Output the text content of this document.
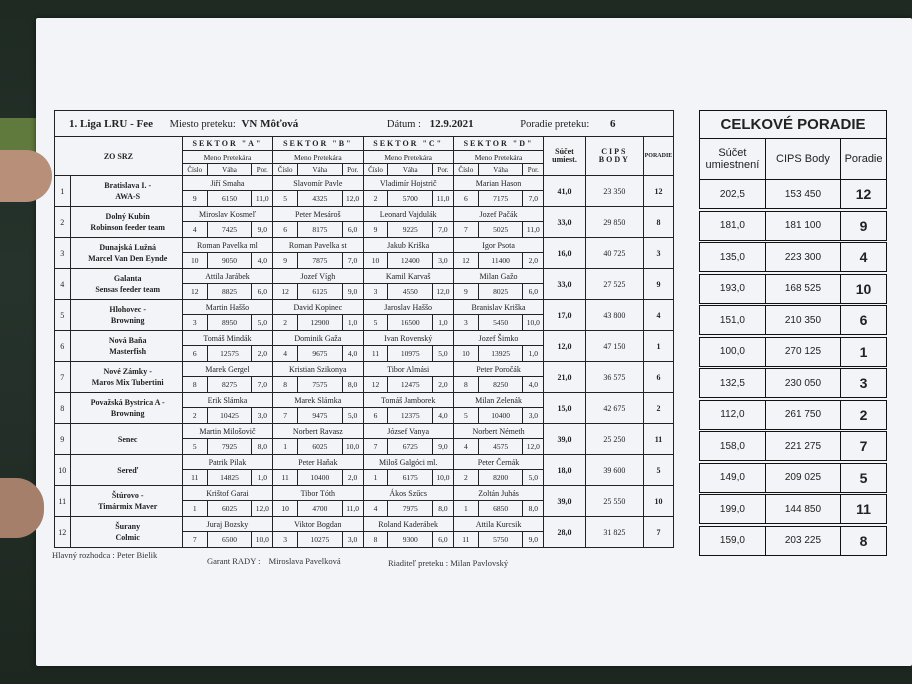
1. Liga LRU - Fee Miesto preteku: VN Môťová Dátum : 12.9.2021 Poradie preteku: 6																
ZO SRZ		SEKTOR "A"			SEKTOR "B"			SEKTOR "C"			SEKTOR "D"			Súčet umiest.	CIPS BODY	PORADIE
		Meno Pretekára			Meno Pretekára			Meno Pretekára			Meno Pretekára					
		Číslo	Váha	Por.	Číslo	Váha	Por.	Číslo	Váha	Por.	Číslo	Váha	Por.			
1	Bratislava I. -
AWA-S	Jiří Smaha			Slavomír Pavle			Vladimír Hojstrič			Marian Hason			41,0	23 350	12
		9	6150	11,0	5	4325	12,0	2	5700	11,0	6	7175	7,0			
2	Dolný Kubín
Robinson feeder team	Miroslav Kosmeľ			Peter Mesároš			Leonard Vajdulák			Jozef Pačák			33,0	29 850	8
		4	7425	9,0	6	8175	6,0	9	9225	7,0	7	5025	11,0			
3	Dunajská Lužná
Marcel Van Den Eynde	Roman Pavelka ml			Roman Pavelka st			Jakub Kriška			Igor Psota			16,0	40 725	3
		10	9050	4,0	9	7875	7,0	10	12400	3,0	12	11400	2,0			
4	Galanta
Sensas feeder team	Attila Jarábek			Jozef Vígh			Kamil Karvaš			Milan Gažo			33,0	27 525	9
		12	8825	6,0	12	6125	9,0	3	4550	12,0	9	8025	6,0			
5	Hlohovec -
Browning	Martin Haššo			David Kopinec			Jaroslav Haššo			Branislav Kriška			17,0	43 800	4
		3	8950	5,0	2	12900	1,0	5	16500	1,0	3	5450	10,0			
6	Nová Baňa
Masterfish	Tomáš Mindák			Dominik Gaža			Ivan Rovenský			Jozef Šimko			12,0	47 150	1
		6	12575	2,0	4	9675	4,0	11	10975	5,0	10	13925	1,0			
7	Nové Zámky -
Maros Mix Tubertini	Marek Gergel			Kristian Szikonya			Tibor Almási			Peter Poročák			21,0	36 575	6
		8	8275	7,0	8	7575	8,0	12	12475	2,0	8	8250	4,0			
8	Považská Bystrica A -
Browning	Erik Slámka			Marek Slámka			Tomáš Jamborek			Milan Zelenák			15,0	42 675	2
		2	10425	3,0	7	9475	5,0	6	12375	4,0	5	10400	3,0			
9	Senec	Martin Milošovič			Norbert Ravasz			József Vanya			Norbert Németh			39,0	25 250	11
		5	7925	8,0	1	6025	10,0	7	6725	9,0	4	4575	12,0			
10	Sereď	Patrik Pilak			Peter Haňak			Miloš Galgóci ml.			Peter Černák			18,0	39 600	5
		11	14825	1,0	11	10400	2,0	1	6175	10,0	2	8200	5,0			
11	Štúrovo -
Timármix Maver	Krištof Garai			Tibor Tóth			Ákos Szűcs			Zoltán Juhás			39,0	25 550	10
		1	6025	12,0	10	4700	11,0	4	7975	8,0	1	6850	8,0			
12	Šurany
Colmic	Juraj Bozsky			Viktor Bogdan			Roland Kaderábek			Attila Kurcsik			28,0	31 825	7
		7	6500	10,0	3	10275	3,0	8	9300	6,0	11	5750	9,0			
CELKOVÉ PORADIE		
Súčet umiestnení	CIPS Body	Poradie
202,5	153 450	12

181,0	181 100	9

135,0	223 300	4

193,0	168 525	10

151,0	210 350	6

100,0	270 125	1

132,5	230 050	3

112,0	261 750	2

158,0	221 275	7

149,0	209 025	5

199,0	144 850	11

159,0	203 225	8
Hlavný rozhodca : Peter Bielik
Garant RADY : Miroslava Pavelková	Riaditeľ preteku : Milan Pavlovský
